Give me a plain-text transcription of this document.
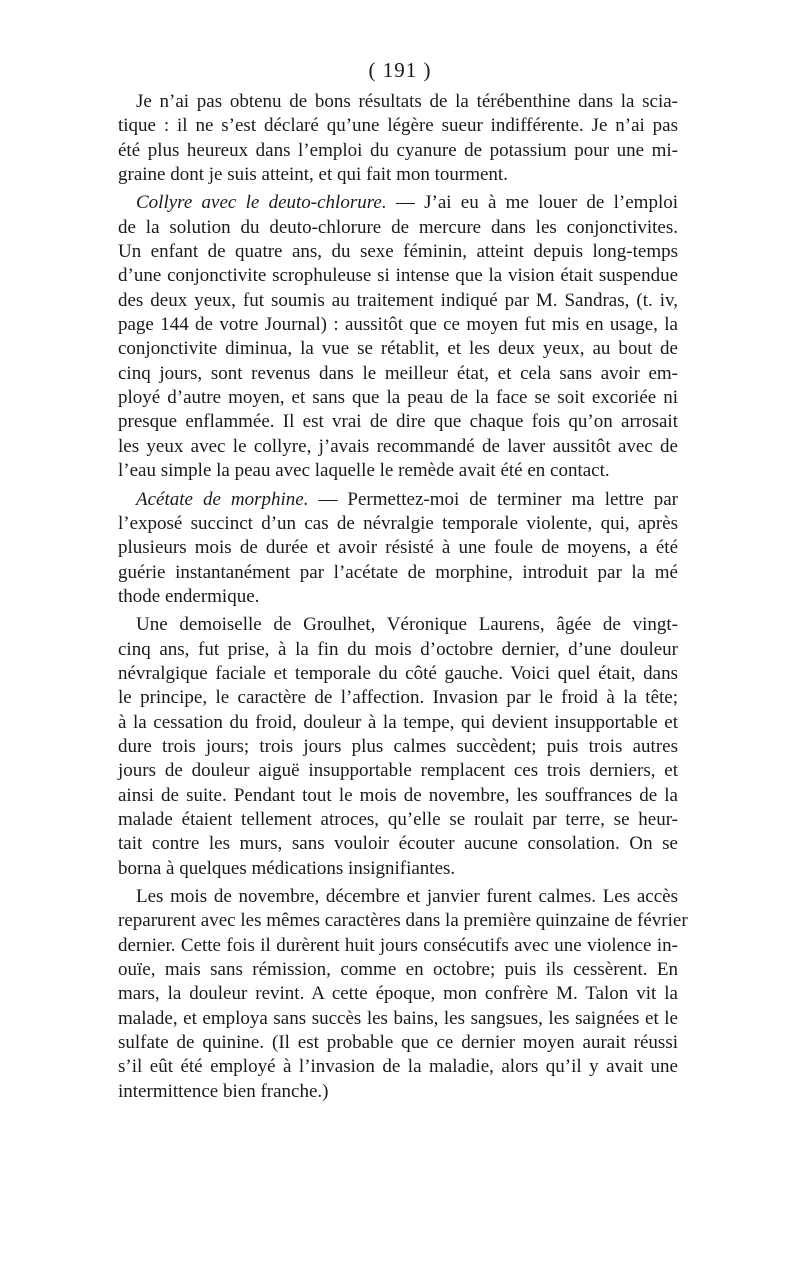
( 191 )
Je n’ai pas obtenu de bons résultats de la térébenthine dans la scia-
tique : il ne s’est déclaré qu’une légère sueur indifférente. Je n’ai pas
été plus heureux dans l’emploi du cyanure de potassium pour une mi-
graine dont je suis atteint, et qui fait mon tourment.
Collyre avec le deuto-chlorure. — J’ai eu à me louer de l’emploi
de la solution du deuto-chlorure de mercure dans les conjonctivites.
Un enfant de quatre ans, du sexe féminin, atteint depuis long-temps
d’une conjonctivite scrophuleuse si intense que la vision était suspendue
des deux yeux, fut soumis au traitement indiqué par M. Sandras, (t. iv,
page 144 de votre Journal) : aussitôt que ce moyen fut mis en usage, la
conjonctivite diminua, la vue se rétablit, et les deux yeux, au bout de
cinq jours, sont revenus dans le meilleur état, et cela sans avoir em-
ployé d’autre moyen, et sans que la peau de la face se soit excoriée ni
presque enflammée. Il est vrai de dire que chaque fois qu’on arrosait
les yeux avec le collyre, j’avais recommandé de laver aussitôt avec de
l’eau simple la peau avec laquelle le remède avait été en contact.
Acétate de morphine. — Permettez-moi de terminer ma lettre par
l’exposé succinct d’un cas de névralgie temporale violente, qui, après
plusieurs mois de durée et avoir résisté à une foule de moyens, a été
guérie instantanément par l’acétate de morphine, introduit par la mé
thode endermique.
Une demoiselle de Groulhet, Véronique Laurens, âgée de vingt-
cinq ans, fut prise, à la fin du mois d’octobre dernier, d’une douleur
névralgique faciale et temporale du côté gauche. Voici quel était, dans
le principe, le caractère de l’affection. Invasion par le froid à la tête;
à la cessation du froid, douleur à la tempe, qui devient insupportable et
dure trois jours; trois jours plus calmes succèdent; puis trois autres
jours de douleur aiguë insupportable remplacent ces trois derniers, et
ainsi de suite. Pendant tout le mois de novembre, les souffrances de la
malade étaient tellement atroces, qu’elle se roulait par terre, se heur-
tait contre les murs, sans vouloir écouter aucune consolation. On se
borna à quelques médications insignifiantes.
Les mois de novembre, décembre et janvier furent calmes. Les accès
reparurent avec les mêmes caractères dans la première quinzaine de février
dernier. Cette fois il durèrent huit jours consécutifs avec une violence in-
ouïe, mais sans rémission, comme en octobre; puis ils cessèrent. En
mars, la douleur revint. A cette époque, mon confrère M. Talon vit la
malade, et employa sans succès les bains, les sangsues, les saignées et le
sulfate de quinine. (Il est probable que ce dernier moyen aurait réussi
s’il eût été employé à l’invasion de la maladie, alors qu’il y avait une
intermittence bien franche.)
